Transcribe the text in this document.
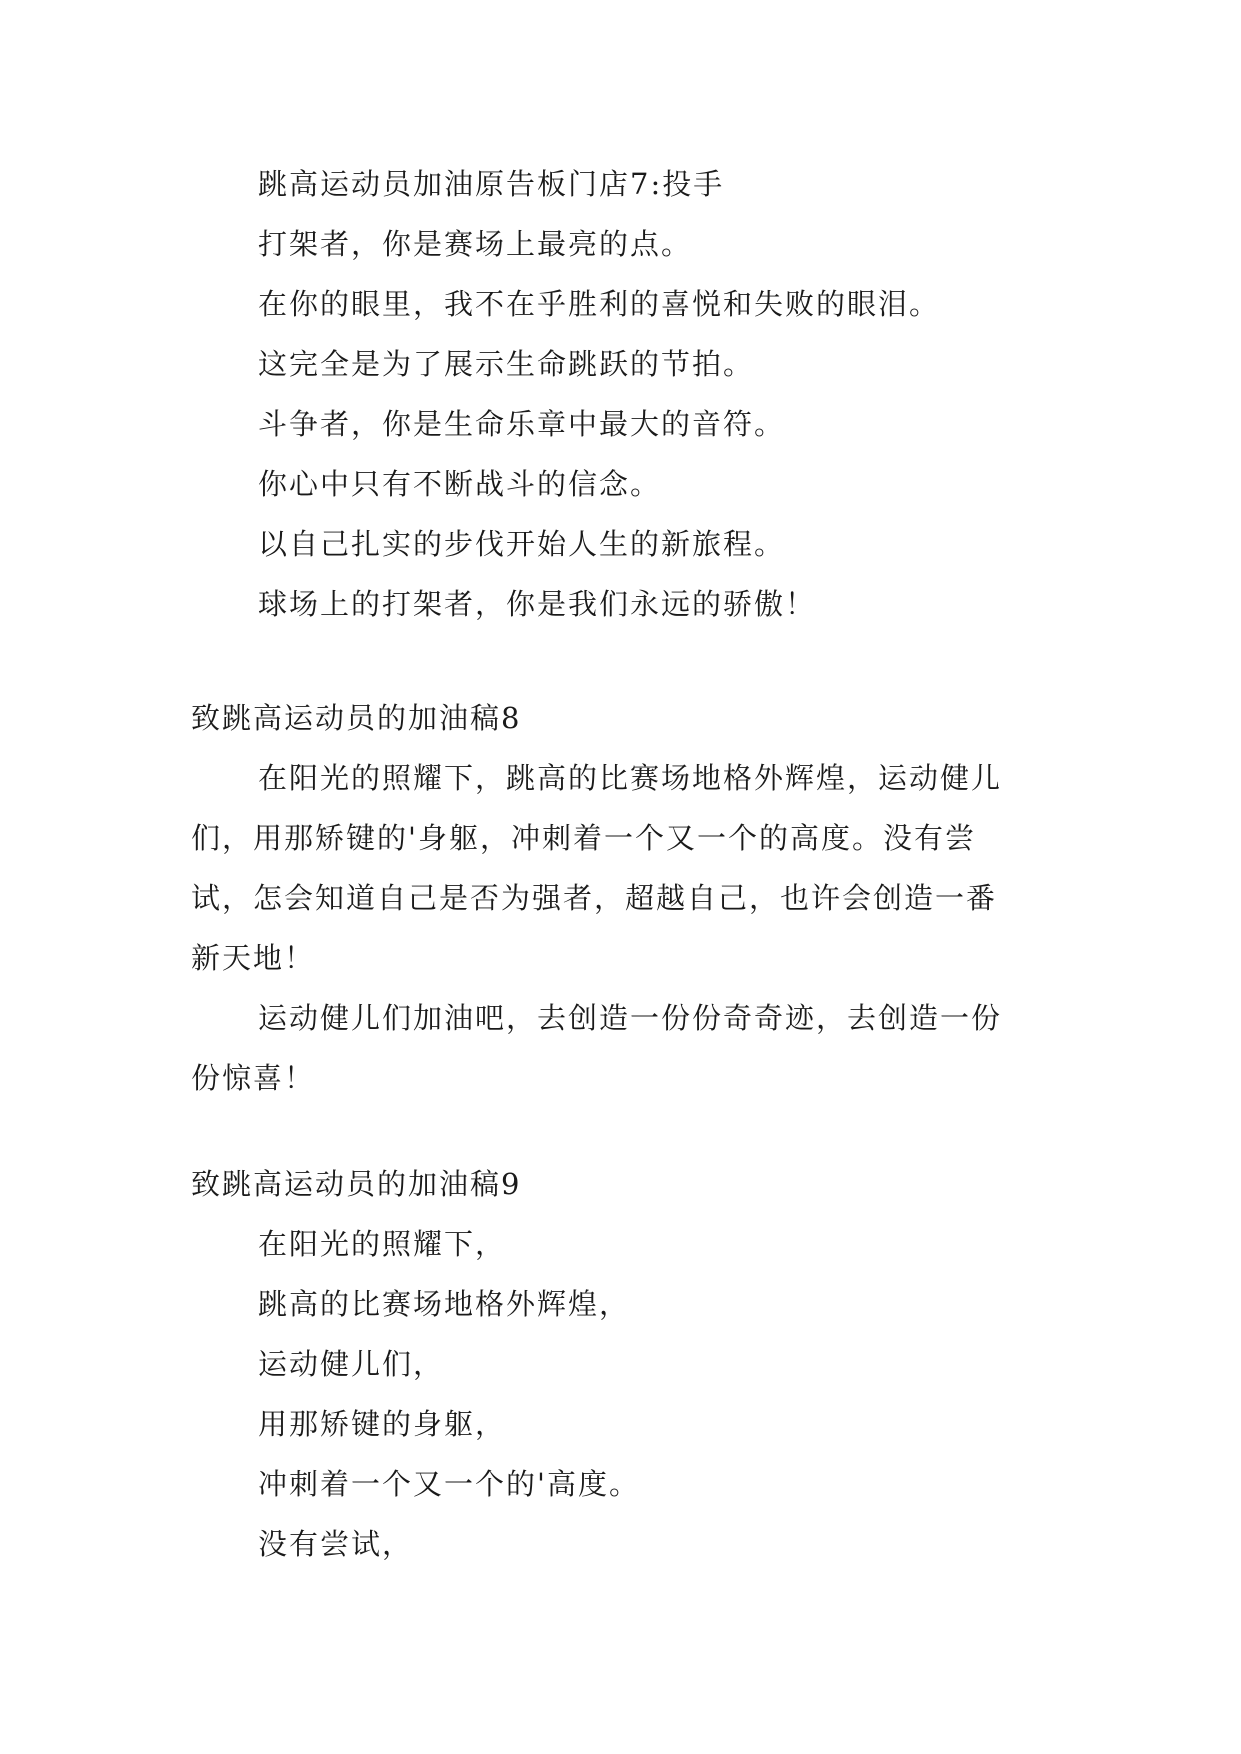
跳高运动员加油原告板门店7:投手
打架者，你是赛场上最亮的点。
在你的眼里，我不在乎胜利的喜悦和失败的眼泪。
这完全是为了展示生命跳跃的节拍。
斗争者，你是生命乐章中最大的音符。
你心中只有不断战斗的信念。
以自己扎实的步伐开始人生的新旅程。
球场上的打架者，你是我们永远的骄傲！
致跳高运动员的加油稿8
在阳光的照耀下，跳高的比赛场地格外辉煌，运动健儿
们，用那矫键的'身躯，冲刺着一个又一个的高度。没有尝
试，怎会知道自己是否为强者，超越自己，也许会创造一番
新天地！
运动健儿们加油吧，去创造一份份奇奇迹，去创造一份
份惊喜！
致跳高运动员的加油稿9
在阳光的照耀下，
跳高的比赛场地格外辉煌，
运动健儿们，
用那矫键的身躯，
冲刺着一个又一个的'高度。
没有尝试，
